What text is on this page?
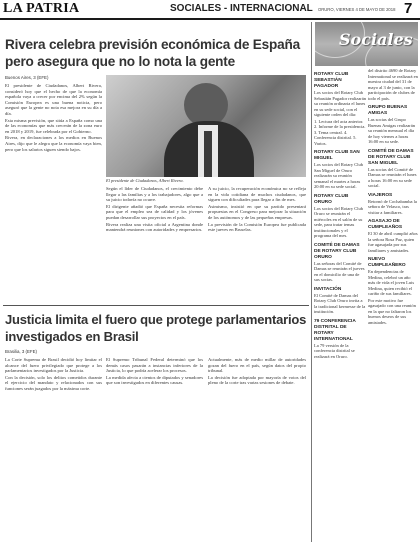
LA PATRIA	SOCIALES - INTERNACIONAL ORURO, VIERNES 4 DE MAYO DE 2018 7
Rivera celebra previsión económica de España pero asegura que no lo nota la gente
Buenos Aires, 3 (EFE)

El presidente de Ciudadanos, Albert Rivera, consideró hoy que el hecho de que la economía española vaya a crecer por encima del 2% según la Comisión Europea es una buena noticia, pero aseguró que la gente no nota esa mejora en su día a día.

Esta misma previsión, que sitúa a España como una de las economías que más crecerán de la zona euro en 2018 y 2019, fue celebrada por el Gobierno.

Rivera, en declaraciones a los medios en Buenos Aires, dijo que le alegra que la economía vaya bien, pero que los salarios siguen siendo bajos.

El presidente de Ciudadanos, Albert Rivera.

Según el líder de Ciudadanos, el crecimiento debe llegar a las familias y a los trabajadores, algo que a su juicio todavía no ocurre.

El dirigente añadió que España necesita reformas para que el empleo sea de calidad y los jóvenes puedan desarrollar sus proyectos en el país.

Rivera realiza una visita oficial a Argentina donde mantendrá reuniones con autoridades y empresarios.

A su juicio, la recuperación económica no se refleja en la vida cotidiana de muchos ciudadanos, que siguen con dificultades para llegar a fin de mes.

Asimismo, insistió en que su partido presentará propuestas en el Congreso para mejorar la situación de los autónomos y de las pequeñas empresas.

La previsión de la Comisión Europea fue publicada este jueves en Bruselas.

Justicia limita el fuero que protege parlamentarios investigados en Brasil
Brasilia, 3 (EFE)

La Corte Suprema de Brasil decidió hoy limitar el alcance del fuero privilegiado que protege a los parlamentarios investigados por la Justicia.

Con la decisión, solo los delitos cometidos durante el ejercicio del mandato y relacionados con sus funciones serán juzgados por la máxima corte.

El Supremo Tribunal Federal determinó que los demás casos pasarán a instancias inferiores de la Justicia, lo que podría acelerar los procesos.

La medida afecta a cientos de diputados y senadores que son investigados en diferentes causas.

Actualmente, más de medio millar de autoridades gozan del fuero en el país, según datos del propio tribunal.

La decisión fue adoptada por mayoría de votos del pleno de la corte tras varias sesiones de debate.

Sociales
ROTARY CLUB SEBASTIÁN PAGADOR

Los socios del Rotary Club Sebastián Pagador realizarán su reunión ordinaria el lunes en su sede social, con el siguiente orden del día:

1. Lectura del acta anterior. 2. Informe de la presidencia. 3. Tema central. 4. Conferencia distrital. 5. Varios.

ROTARY CLUB SAN MIGUEL

Los socios del Rotary Club San Miguel de Oruro realizarán su reunión semanal el martes a horas 20:00 en su sede social.

ROTARY CLUB ORURO

Los socios del Rotary Club Oruro se reunirán el miércoles en el salón de su sede, para tratar temas institucionales y el programa del mes.

COMITÉ DE DAMAS DE ROTARY CLUB ORURO

Las señoras del Comité de Damas se reunirán el jueves en el domicilio de una de sus socias.

INVITACIÓN

El Comité de Damas del Rotary Club Oruro invita a la tradicional kermesse de la institución.

79 CONFERENCIA DISTRITAL DE ROTARY INTERNATIONAL

La 79 versión de la conferencia distrital se realizará en Oruro.

del distrito 4690 de Rotary International se realizará en nuestra ciudad del 31 de mayo al 3 de junio, con la participación de clubes de todo el país.

GRUPO BUENAS AMIGAS

Las socias del Grupo Buenas Amigas realizarán su reunión mensual el día de hoy viernes a horas 16:00 en su sede.

COMITÉ DE DAMAS DE ROTARY CLUB SAN MIGUEL

Las socias del Comité de Damas se reunirán el lunes a horas 16:00 en su sede social.

VIAJEROS

Retornó de Cochabamba la señora de Velasco, tras visitar a familiares.

AGASAJO DE CUMPLEAÑOS

El 30 de abril cumplió años la señora Rosa Paz, quien fue agasajada por sus familiares y amistades.

NUEVO CUMPLEAÑERO

En dependencias de Medina, celebró un año más de vida el joven Luis Medina, quien recibió el cariño de sus familiares.

Por este motivo fue agasajado con una reunión en la que no faltaron los buenos deseos de sus amistades.
